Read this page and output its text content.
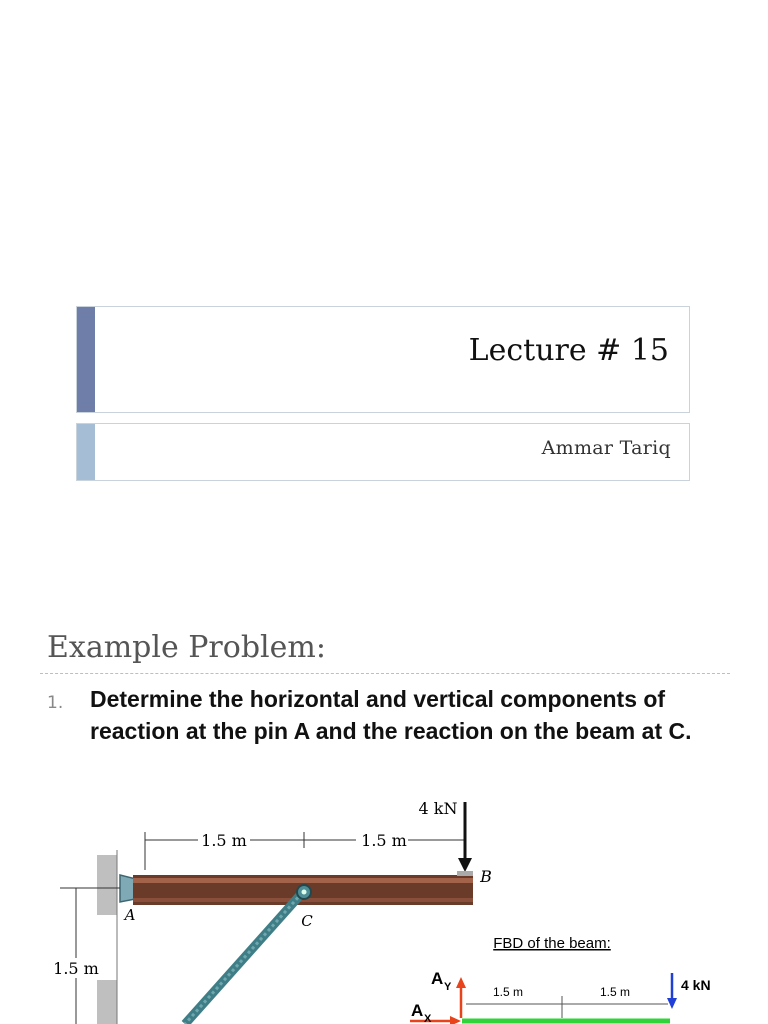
Lecture # 15
Ammar Tariq
Example Problem:
1. Determine the horizontal and vertical components of reaction at the pin A and the reaction on the beam at C.
1.5 m	1.5 m
4 kN
B
A	C
1.5 m
FBD of the beam:
A Y
A X
1.5 m	1.5 m	4 kN
